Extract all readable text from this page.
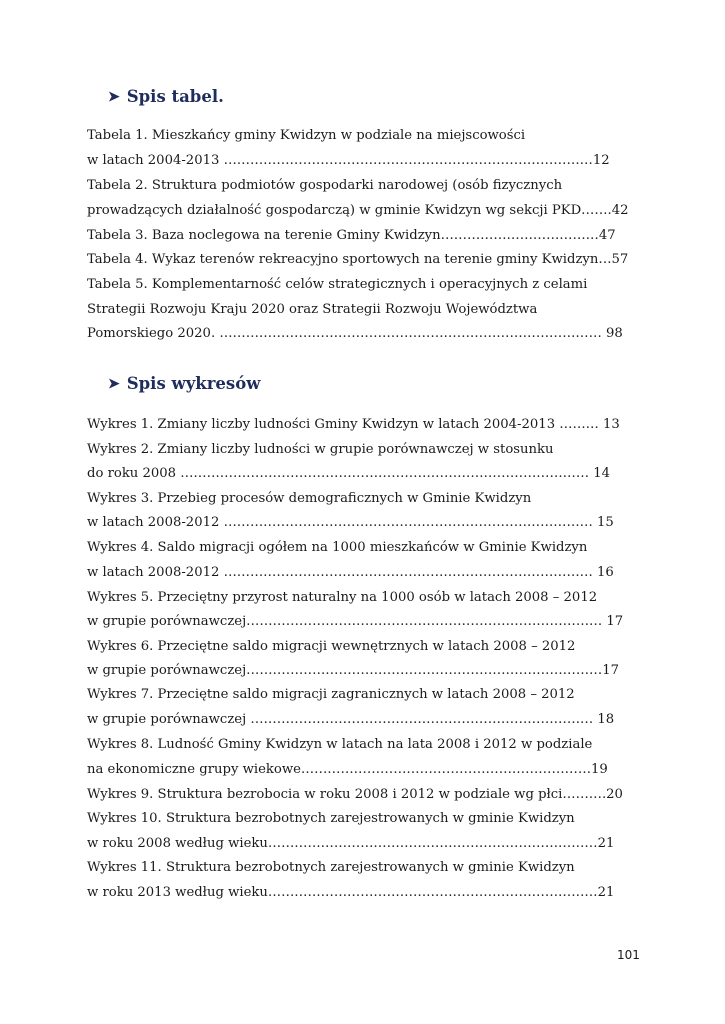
➤ Spis tabel.
Tabela 1. Mieszkańcy gminy Kwidzyn w podziale na miejscowości
w latach 2004-2013 …………………………………………………………………………12
Tabela 2. Struktura podmiotów gospodarki narodowej (osób fizycznych
prowadzących działalność gospodarczą) w gminie Kwidzyn wg sekcji PKD…….42
Tabela 3. Baza noclegowa na terenie Gminy Kwidzyn………………………………47
Tabela 4. Wykaz terenów rekreacyjno sportowych na terenie gminy Kwidzyn…57
Tabela 5. Komplementarność celów strategicznych i operacyjnych z celami
Strategii Rozwoju Kraju 2020 oraz Strategii Rozwoju Województwa
Pomorskiego 2020. …………………………………………………………………………… 98
➤ Spis wykresów
Wykres 1. Zmiany liczby ludności Gminy Kwidzyn w latach 2004-2013 ……… 13
Wykres 2. Zmiany liczby ludności w grupie porównawczej w stosunku
do roku 2008 ………………………………………………………………………………… 14
Wykres 3. Przebieg procesów demograficznych w Gminie Kwidzyn
w latach 2008-2012 ………………………………………………………………………… 15
Wykres 4. Saldo migracji ogółem na 1000 mieszkańców w Gminie Kwidzyn
w latach 2008-2012 ………………………………………………………………………… 16
Wykres 5. Przeciętny przyrost naturalny na 1000 osób w latach 2008 – 2012
w grupie porównawczej……………………………………………………………………… 17
Wykres 6. Przeciętne saldo migracji wewnętrznych w latach 2008 – 2012
w grupie porównawczej………………………………………………………………………17
Wykres 7. Przeciętne saldo migracji zagranicznych w latach 2008 – 2012
w grupie porównawczej …………………………………………………………………… 18
Wykres 8. Ludność Gminy Kwidzyn w latach na lata 2008 i 2012 w podziale
na ekonomiczne grupy wiekowe…………………………………………………………19
Wykres 9. Struktura bezrobocia w roku 2008 i 2012 w podziale wg płci……….20
Wykres 10. Struktura bezrobotnych zarejestrowanych w gminie Kwidzyn
w roku 2008 według wieku…………………………………………………………………21
Wykres 11. Struktura bezrobotnych zarejestrowanych w gminie Kwidzyn
w roku 2013 według wieku…………………………………………………………………21
101
